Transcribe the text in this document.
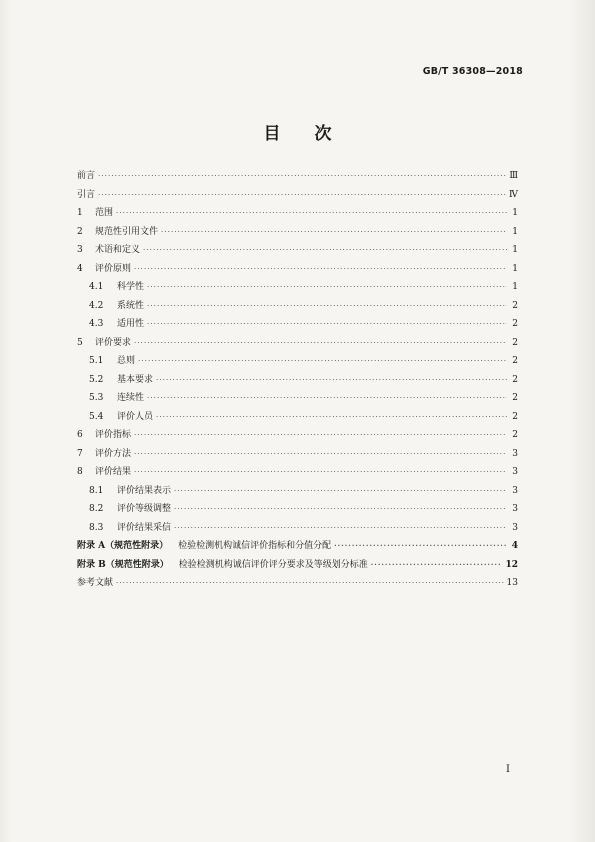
GB/T 36308—2018
目 次
前言 ·····	Ⅲ
引言 ·····	Ⅳ
1	范围 ·····	1
2	规范性引用文件 ·····	1
3	术语和定义 ·····	1
4	评价原则 ·····	1
4.1	科学性 ·····	1
4.2	系统性 ·····	2
4.3	适用性 ·····	2
5	评价要求 ·····	2
5.1	总则 ·····	2
5.2	基本要求 ·····	2
5.3	连续性 ·····	2
5.4	评价人员 ·····	2
6	评价指标 ·····	2
7	评价方法 ·····	3
8	评价结果 ·····	3
8.1	评价结果表示 ·····	3
8.2	评价等级调整 ·····	3
8.3	评价结果采信 ·····	3
附录 A（规范性附录） 检验检测机构诚信评价指标和分值分配 ·····	4
附录 B（规范性附录） 检验检测机构诚信评价评分要求及等级划分标准 ·····	12
参考文献 ·····	13
Ⅰ
